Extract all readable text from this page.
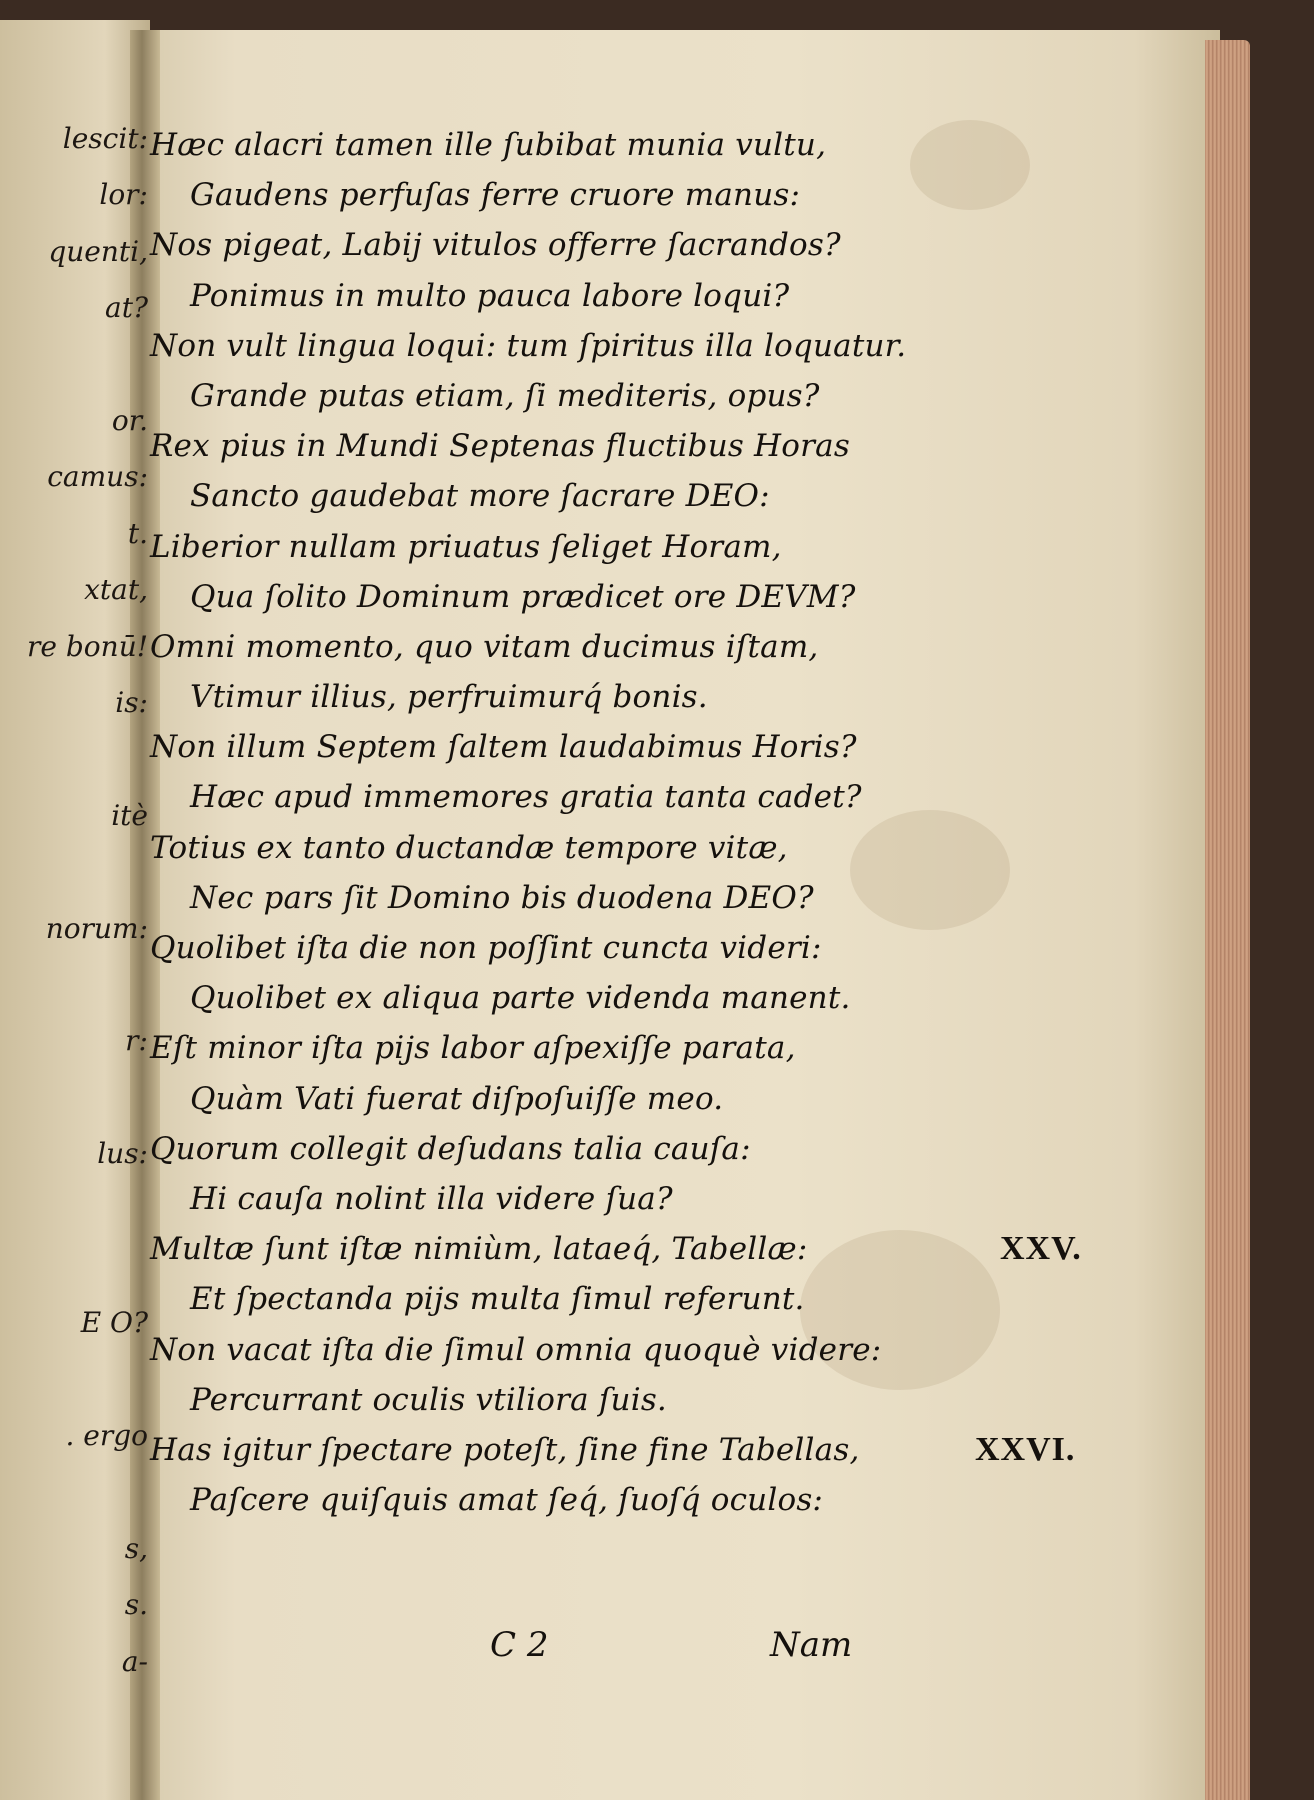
lescit:
lor:
quenti,
at?
or.
camus:
t.
xtat,
re bonū!
is:
itè
norum:
r:
lus:
E O?
. ergo
s,
s.
a-
Hæc alacri tamen ille ſubibat munia vultu,
Gaudens perfuſas ferre cruore manus:
Nos pigeat, Labij vitulos offerre ſacrandos?
Ponimus in multo pauca labore loqui?
Non vult lingua loqui: tum ſpiritus illa loquatur.
Grande putas etiam, ſi mediteris, opus?
Rex pius in Mundi Septenas fluctibus Horas
Sancto gaudebat more ſacrare DEO:
Liberior nullam priuatus ſeliget Horam,
Qua ſolito Dominum prædicet ore DEVM?
Omni momento, quo vitam ducimus iſtam,
Vtimur illius, perfruimurq́ bonis.
Non illum Septem ſaltem laudabimus Horis?
Hæc apud immemores gratia tanta cadet?
Totius ex tanto ductandæ tempore vitæ,
Nec pars ſit Domino bis duodena DEO?
Quolibet iſta die non poſſint cuncta videri:
Quolibet ex aliqua parte videnda manent.
Eſt minor iſta pijs labor aſpexiſſe parata,
Quàm Vati fuerat diſpoſuiſſe meo.
Quorum collegit deſudans talia cauſa:
Hi cauſa nolint illa videre ſua?
Multæ ſunt iſtæ nimiùm, lataeq́, Tabellæ:
Et ſpectanda pijs multa ſimul referunt.
Non vacat iſta die ſimul omnia quoquè videre:
Percurrant oculis vtiliora ſuis.
Has igitur ſpectare poteſt, ſine fine Tabellas,
Paſcere quiſquis amat ſeq́, ſuoſq́ oculos:
XXV.
XXVI.
C 2	Nam
